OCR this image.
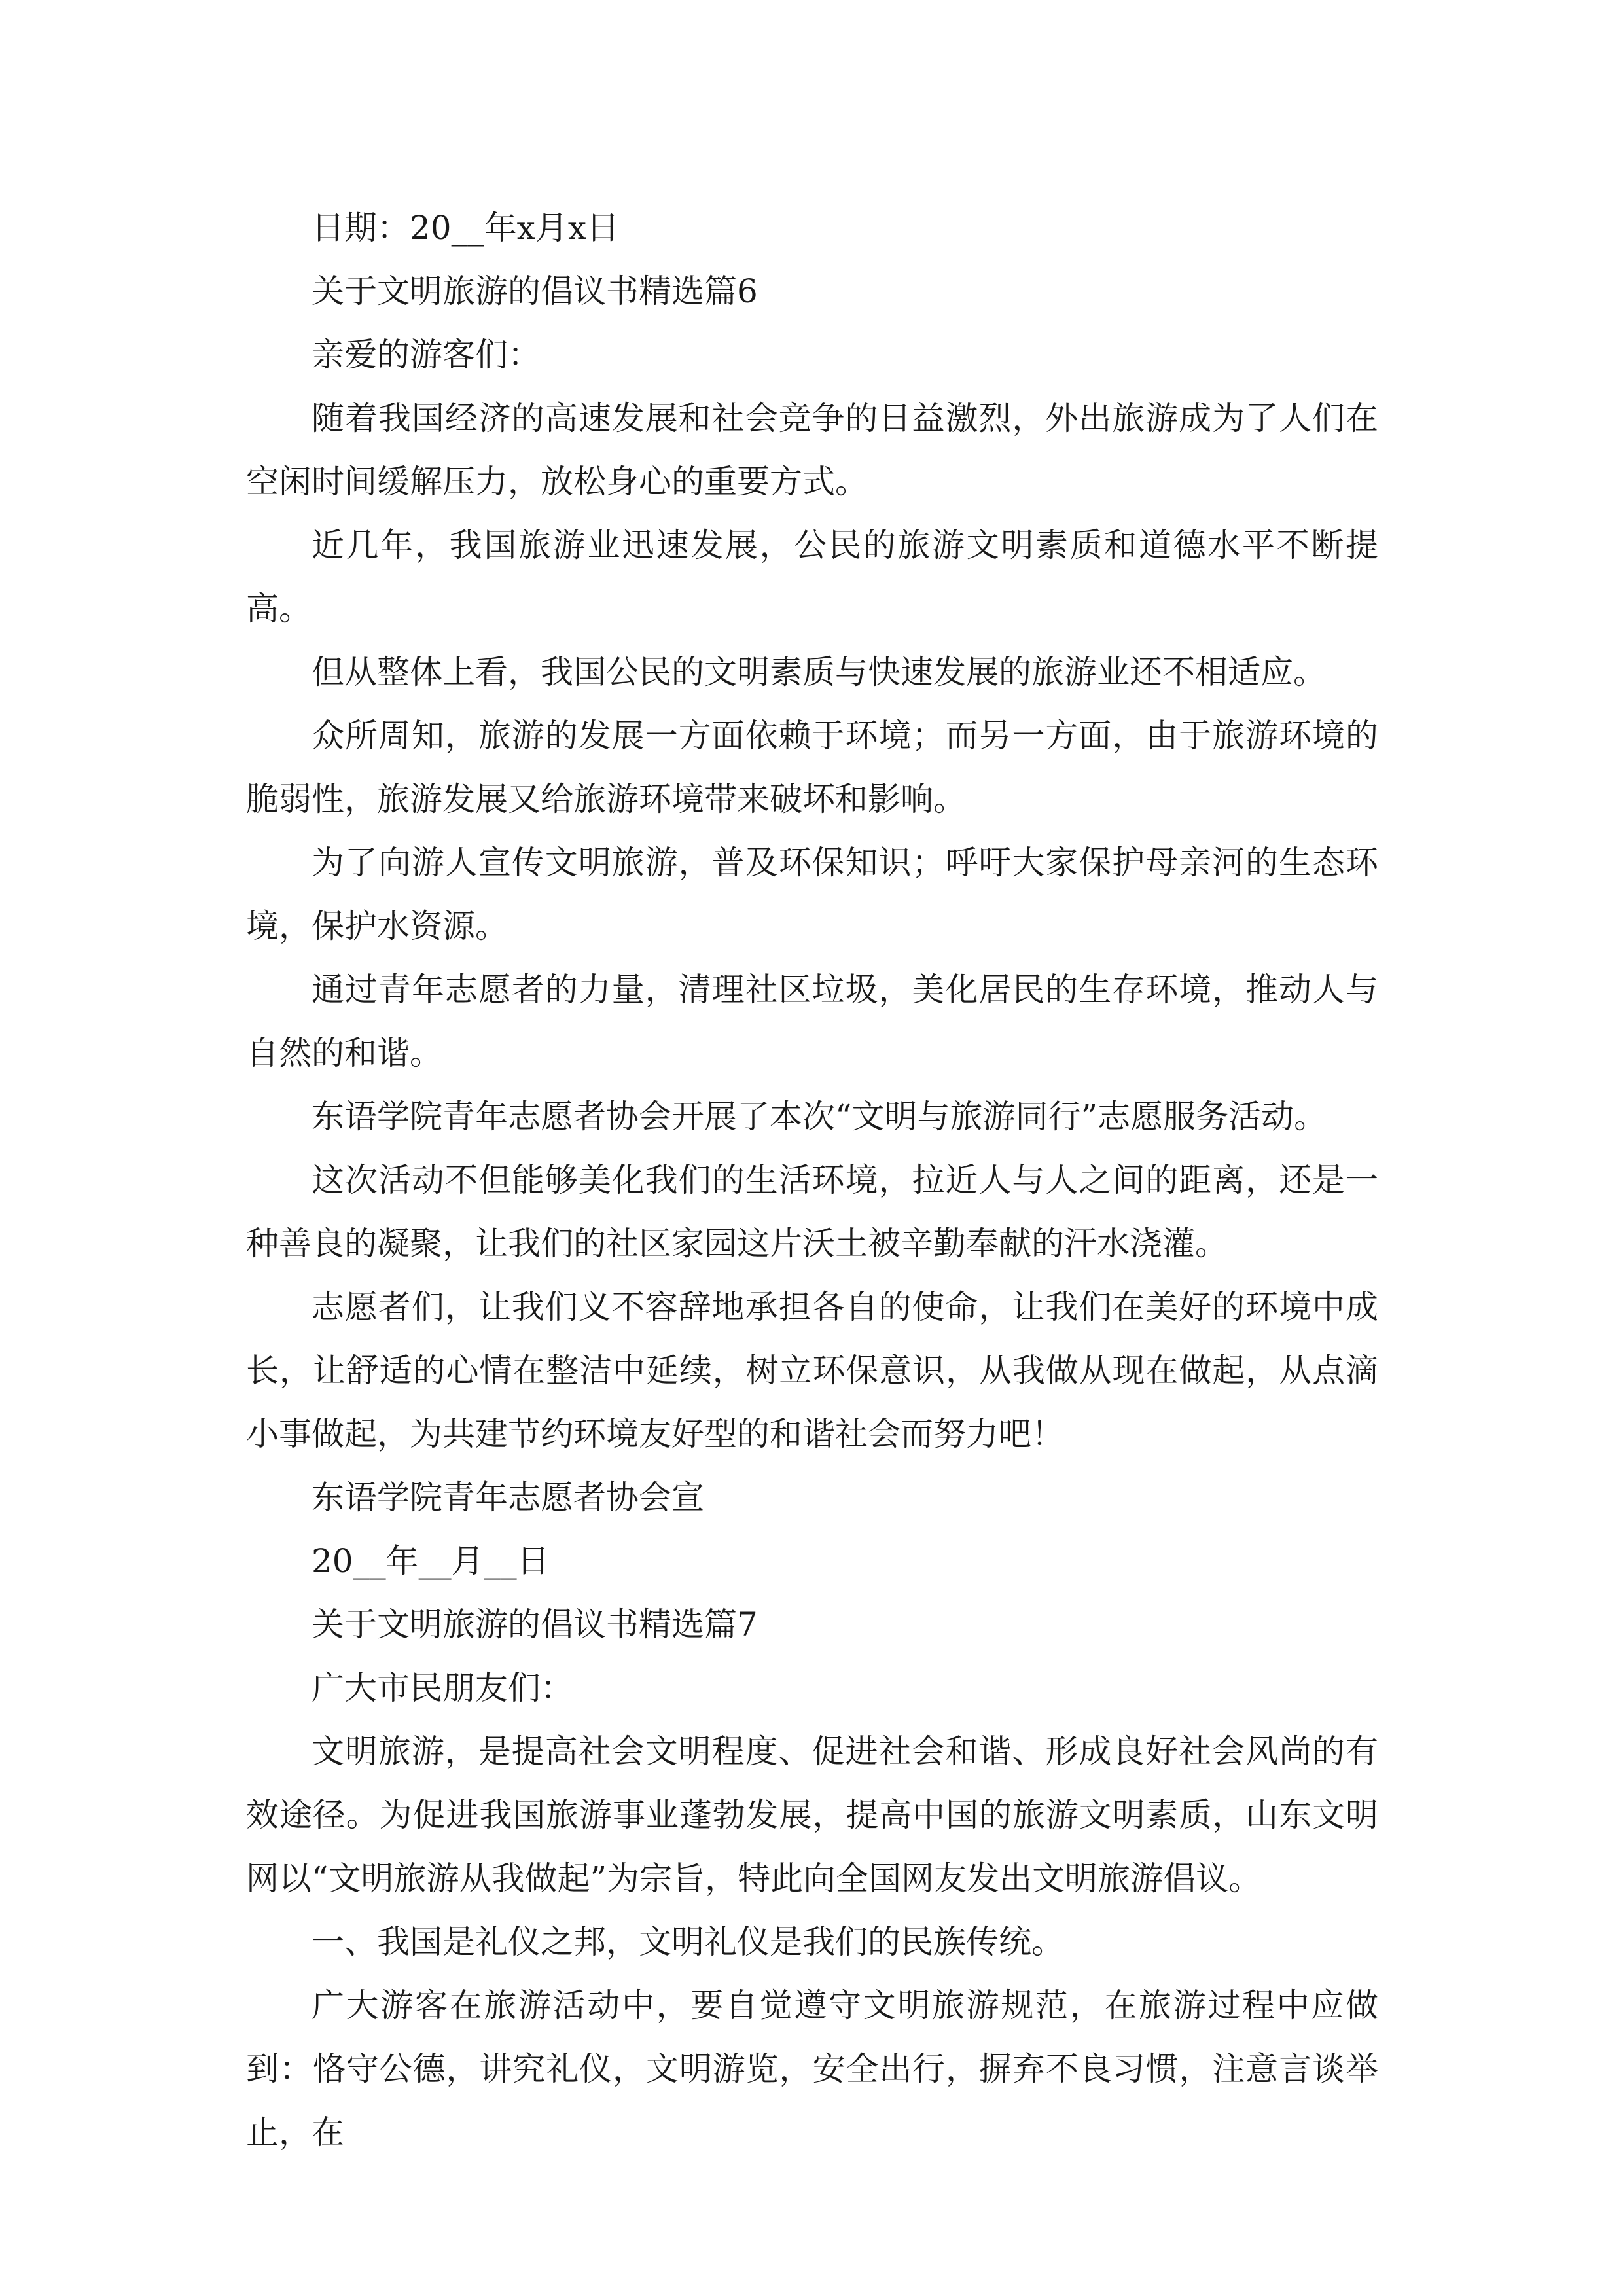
日期：20__年x月x日

关于文明旅游的倡议书精选篇6

亲爱的游客们：

随着我国经济的高速发展和社会竞争的日益激烈，外出旅游成为了人们在空闲时间缓解压力，放松身心的重要方式。

近几年，我国旅游业迅速发展，公民的旅游文明素质和道德水平不断提高。

但从整体上看，我国公民的文明素质与快速发展的旅游业还不相适应。

众所周知，旅游的发展一方面依赖于环境；而另一方面，由于旅游环境的脆弱性，旅游发展又给旅游环境带来破坏和影响。

为了向游人宣传文明旅游，普及环保知识；呼吁大家保护母亲河的生态环境，保护水资源。

通过青年志愿者的力量，清理社区垃圾，美化居民的生存环境，推动人与自然的和谐。

东语学院青年志愿者协会开展了本次“文明与旅游同行”志愿服务活动。

这次活动不但能够美化我们的生活环境，拉近人与人之间的距离，还是一种善良的凝聚，让我们的社区家园这片沃土被辛勤奉献的汗水浇灌。

志愿者们，让我们义不容辞地承担各自的使命，让我们在美好的环境中成长，让舒适的心情在整洁中延续，树立环保意识，从我做从现在做起，从点滴小事做起，为共建节约环境友好型的和谐社会而努力吧！

东语学院青年志愿者协会宣

20__年__月__日

关于文明旅游的倡议书精选篇7

广大市民朋友们：

文明旅游，是提高社会文明程度、促进社会和谐、形成良好社会风尚的有效途径。为促进我国旅游事业蓬勃发展，提高中国的旅游文明素质，山东文明网以“文明旅游从我做起”为宗旨，特此向全国网友发出文明旅游倡议。

一、我国是礼仪之邦，文明礼仪是我们的民族传统。

广大游客在旅游活动中，要自觉遵守文明旅游规范，在旅游过程中应做到：恪守公德，讲究礼仪，文明游览，安全出行，摒弃不良习惯，注意言谈举止，在
